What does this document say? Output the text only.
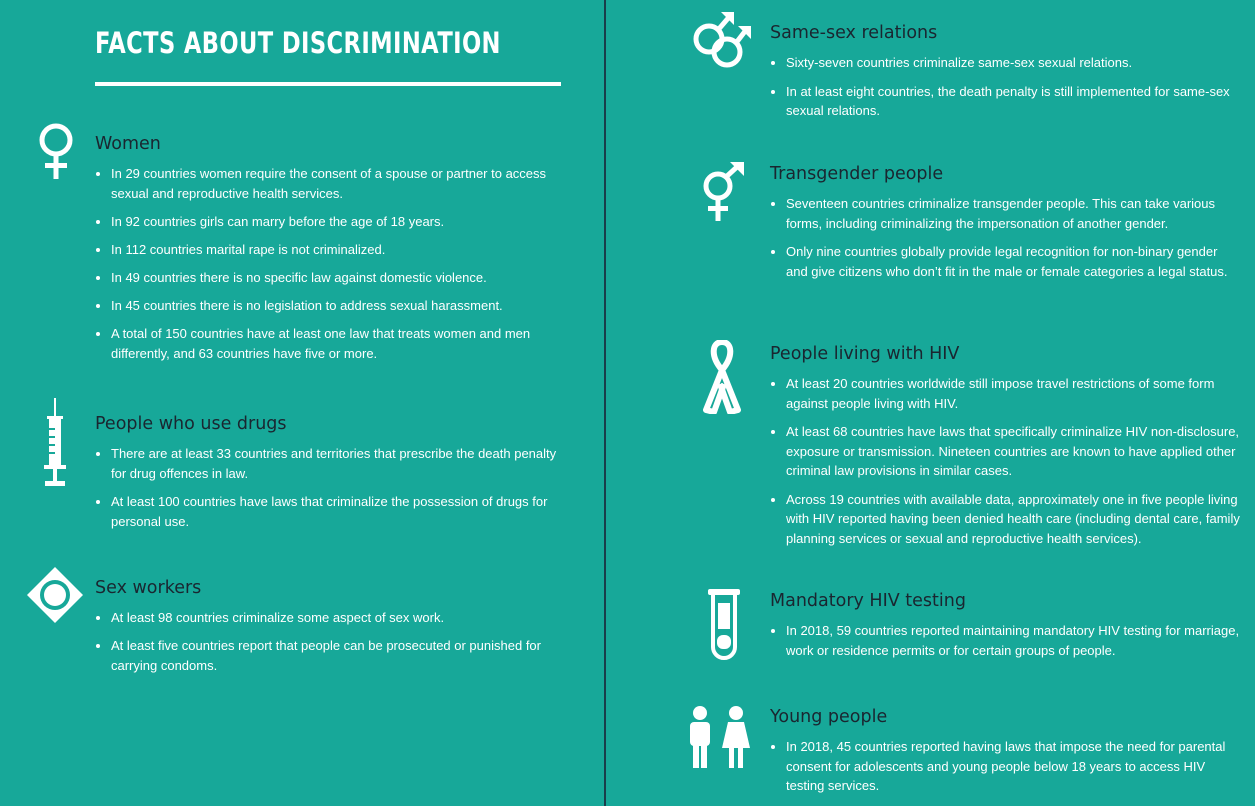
FACTS ABOUT DISCRIMINATION
Women
In 29 countries women require the consent of a spouse or partner to access sexual and reproductive health services.
In 92 countries girls can marry before the age of 18 years.
In 112 countries marital rape is not criminalized.
In 49 countries there is no specific law against domestic violence.
In 45 countries there is no legislation to address sexual harassment.
A total of 150 countries have at least one law that treats women and men differently, and 63 countries have five or more.
People who use drugs
There are at least 33 countries and territories that prescribe the death penalty for drug offences in law.
At least 100 countries have laws that criminalize the possession of drugs for personal use.
Sex workers
At least 98 countries criminalize some aspect of sex work.
At least five countries report that people can be prosecuted or punished for carrying condoms.
Same-sex relations
Sixty-seven countries criminalize same-sex sexual relations.
In at least eight countries, the death penalty is still implemented for same-sex sexual relations.
Transgender people
Seventeen countries criminalize transgender people. This can take various forms, including criminalizing the impersonation of another gender.
Only nine countries globally provide legal recognition for non-binary gender and give citizens who don’t fit in the male or female categories a legal status.
People living with HIV
At least 20 countries worldwide still impose travel restrictions of some form against people living with HIV.
At least 68 countries have laws that specifically criminalize HIV non-disclosure, exposure or transmission. Nineteen countries are known to have applied other criminal law provisions in similar cases.
Across 19 countries with available data, approximately one in five people living with HIV reported having been denied health care (including dental care, family planning services or sexual and reproductive health services).
Mandatory HIV testing
In 2018, 59 countries reported maintaining mandatory HIV testing for marriage, work or residence permits or for certain groups of people.
Young people
In 2018, 45 countries reported having laws that impose the need for parental consent for adolescents and young people below 18 years to access HIV testing services.
